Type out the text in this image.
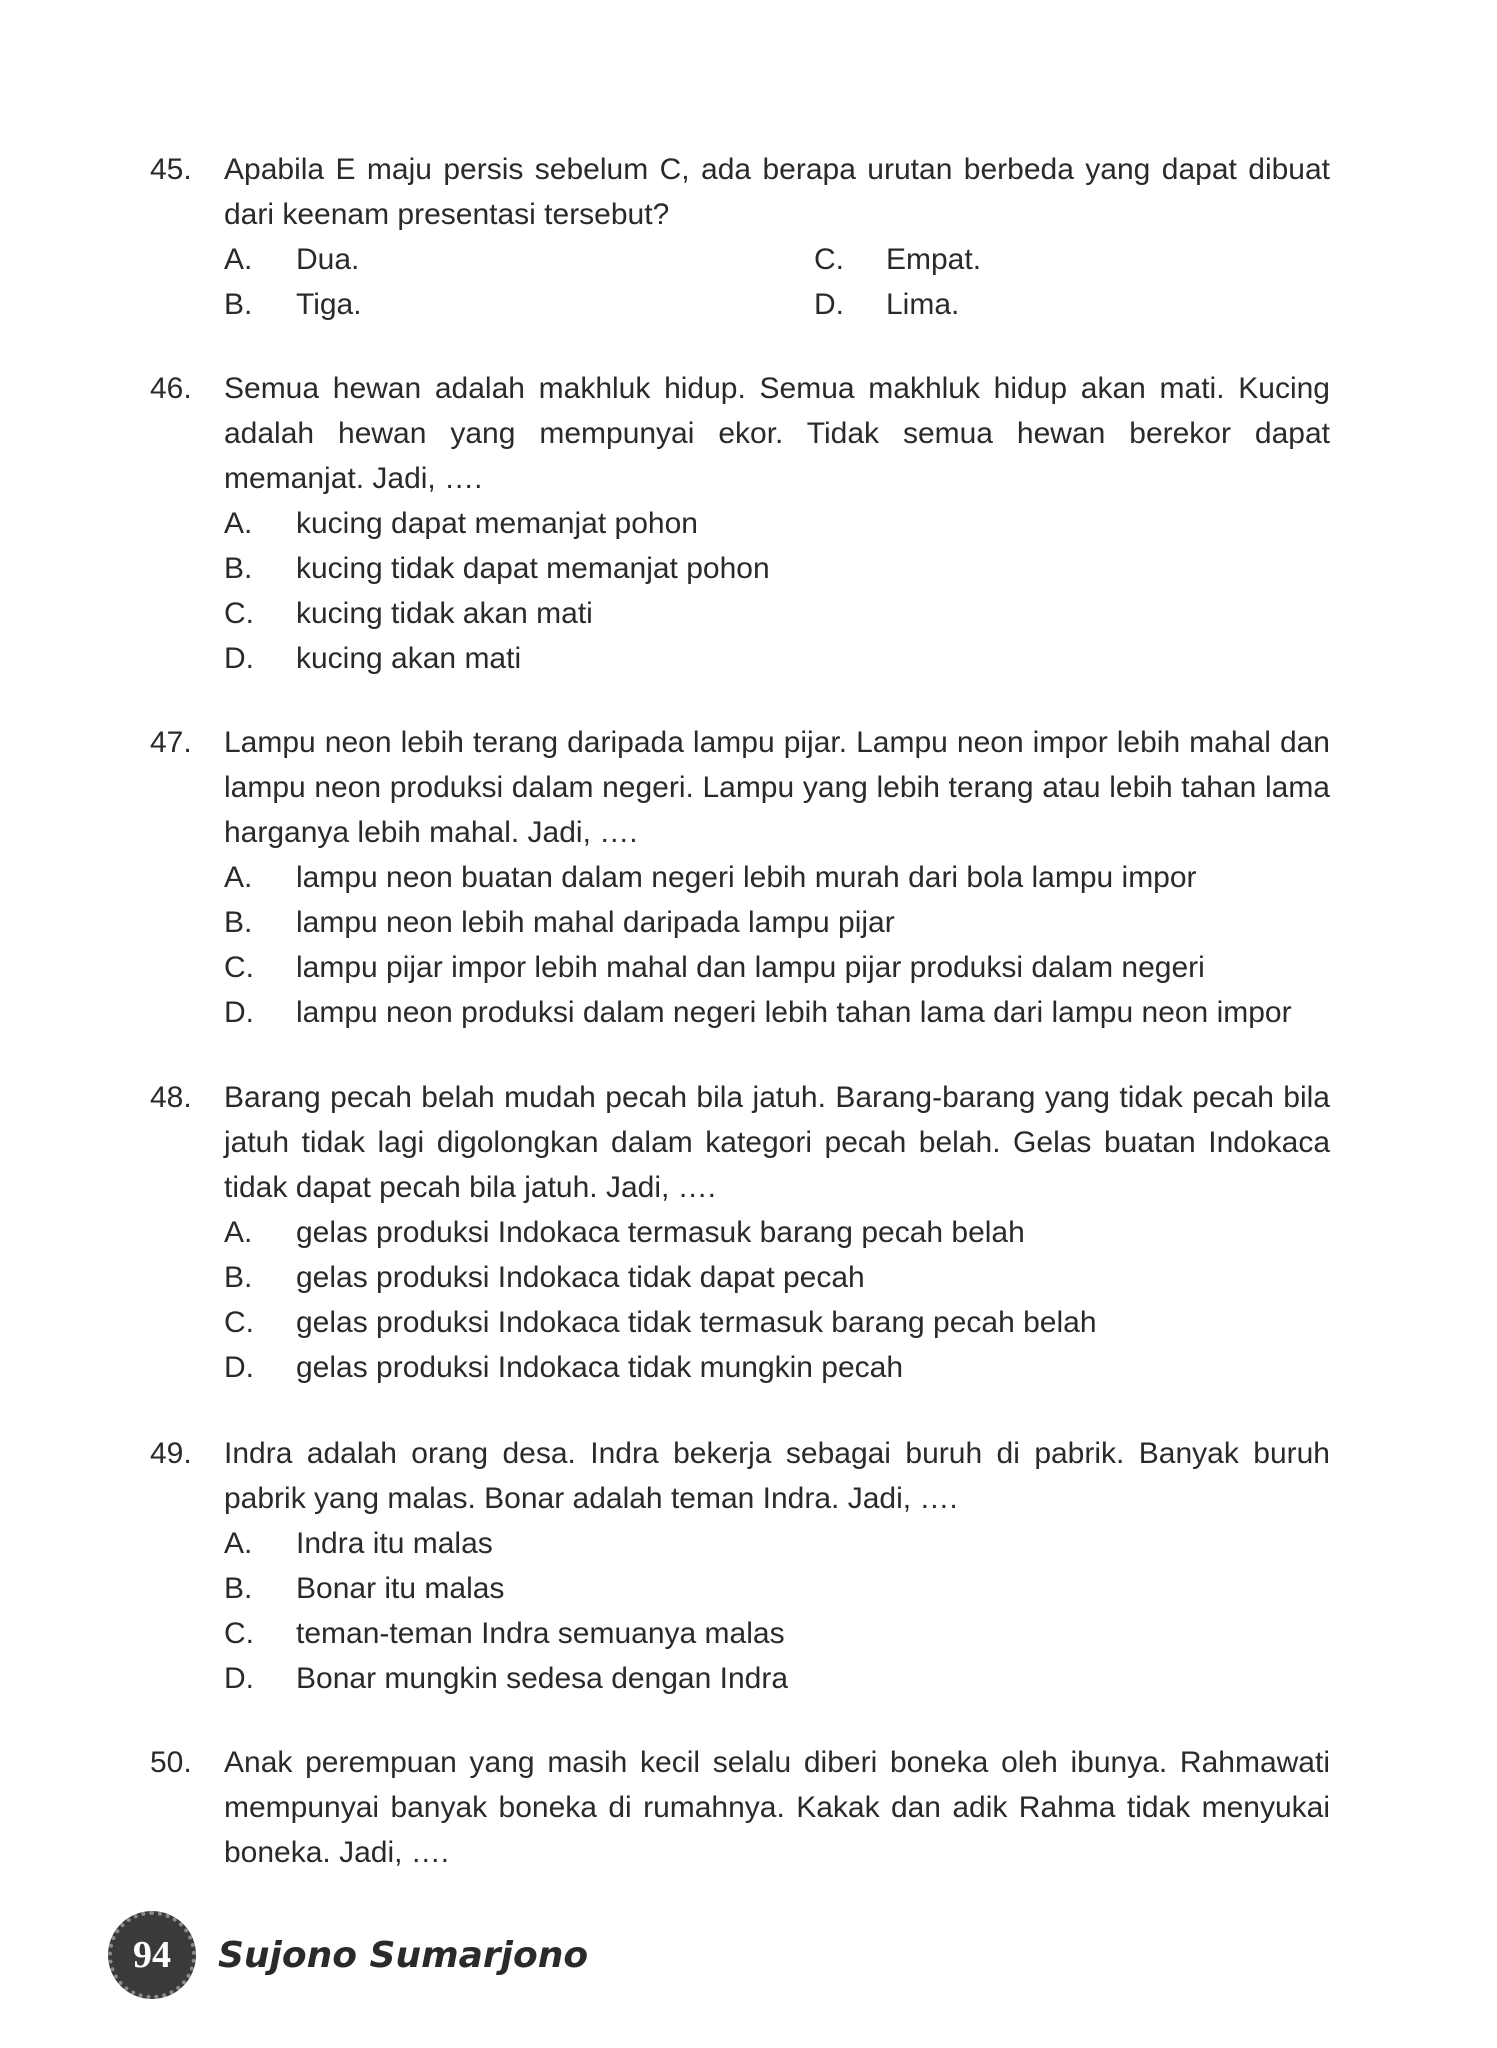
45.	Apabila E maju persis sebelum C, ada berapa urutan berbeda yang dapat dibuat dari keenam presentasi tersebut?
A.	Dua.	C.	Empat.
B.	Tiga.	D.	Lima.
46.	Semua hewan adalah makhluk hidup. Semua makhluk hidup akan mati. Kucing adalah hewan yang mempunyai ekor. Tidak semua hewan berekor dapat memanjat. Jadi, ….
A.	kucing dapat memanjat pohon
B.	kucing tidak dapat memanjat pohon
C.	kucing tidak akan mati
D.	kucing akan mati
47.	Lampu neon lebih terang daripada lampu pijar. Lampu neon impor lebih mahal dan lampu neon produksi dalam negeri. Lampu yang lebih terang atau lebih tahan lama harganya lebih mahal. Jadi, ….
A.	lampu neon buatan dalam negeri lebih murah dari bola lampu impor
B.	lampu neon lebih mahal daripada lampu pijar
C.	lampu pijar impor lebih mahal dan lampu pijar produksi dalam negeri
D.	lampu neon produksi dalam negeri lebih tahan lama dari lampu neon impor
48.	Barang pecah belah mudah pecah bila jatuh. Barang-barang yang tidak pecah bila jatuh tidak lagi digolongkan dalam kategori pecah belah. Gelas buatan Indokaca tidak dapat pecah bila jatuh. Jadi, ….
A.	gelas produksi Indokaca termasuk barang pecah belah
B.	gelas produksi Indokaca tidak dapat pecah
C.	gelas produksi Indokaca tidak termasuk barang pecah belah
D.	gelas produksi Indokaca tidak mungkin pecah
49.	Indra adalah orang desa. Indra bekerja sebagai buruh di pabrik. Banyak buruh pabrik yang malas. Bonar adalah teman Indra. Jadi, ….
A.	Indra itu malas
B.	Bonar itu malas
C.	teman-teman Indra semuanya malas
D.	Bonar mungkin sedesa dengan Indra
50.	Anak perempuan yang masih kecil selalu diberi boneka oleh ibunya. Rahmawati mempunyai banyak boneka di rumahnya. Kakak dan adik Rahma tidak menyukai boneka. Jadi, ….
94 Sujono Sumarjono
